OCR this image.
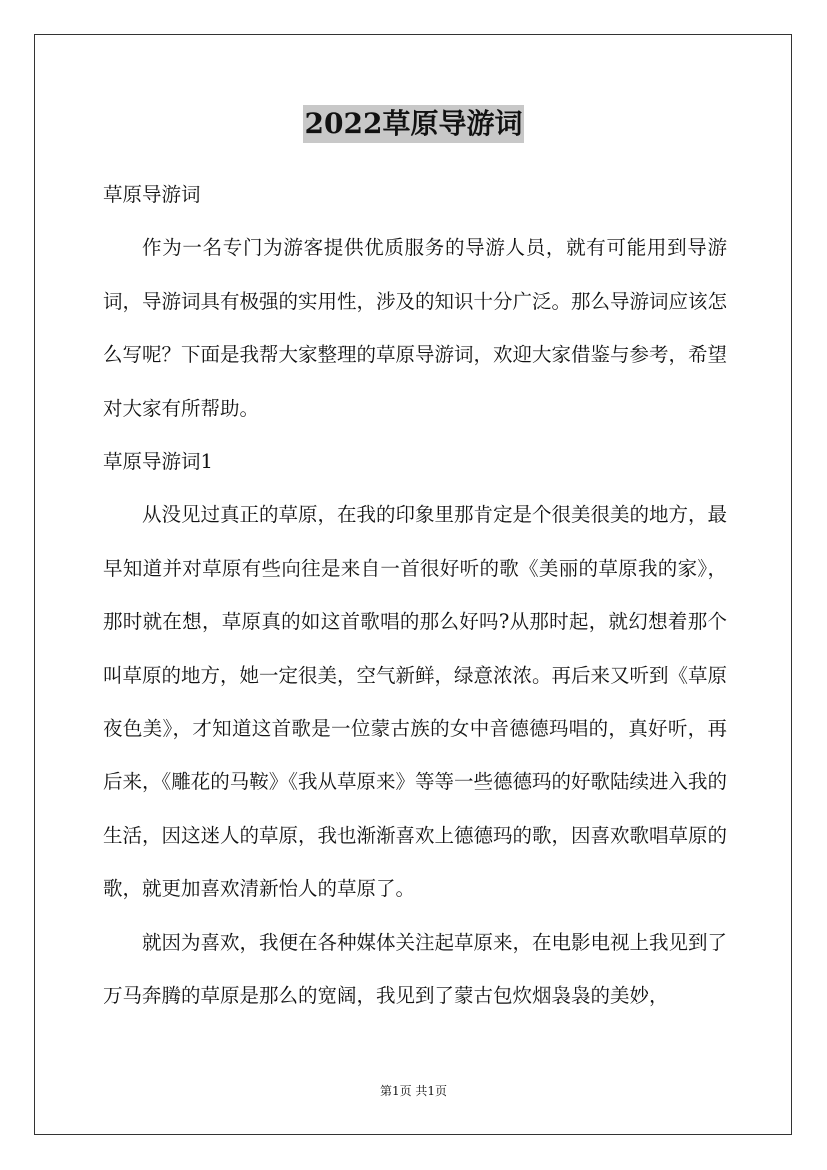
2022草原导游词

草原导游词

作为一名专门为游客提供优质服务的导游人员，就有可能用到导游词，导游词具有极强的实用性，涉及的知识十分广泛。那么导游词应该怎么写呢？下面是我帮大家整理的草原导游词，欢迎大家借鉴与参考，希望对大家有所帮助。

草原导游词1

从没见过真正的草原，在我的印象里那肯定是个很美很美的地方，最早知道并对草原有些向往是来自一首很好听的歌《美丽的草原我的家》，那时就在想，草原真的如这首歌唱的那么好吗?从那时起，就幻想着那个叫草原的地方，她一定很美，空气新鲜，绿意浓浓。再后来又听到《草原夜色美》，才知道这首歌是一位蒙古族的女中音德德玛唱的，真好听，再后来，《雕花的马鞍》《我从草原来》等等一些德德玛的好歌陆续进入我的生活，因这迷人的草原，我也渐渐喜欢上德德玛的歌，因喜欢歌唱草原的歌，就更加喜欢清新怡人的草原了。

就因为喜欢，我便在各种媒体关注起草原来，在电影电视上我见到了万马奔腾的草原是那么的宽阔，我见到了蒙古包炊烟袅袅的美妙，

第1页 共1页
